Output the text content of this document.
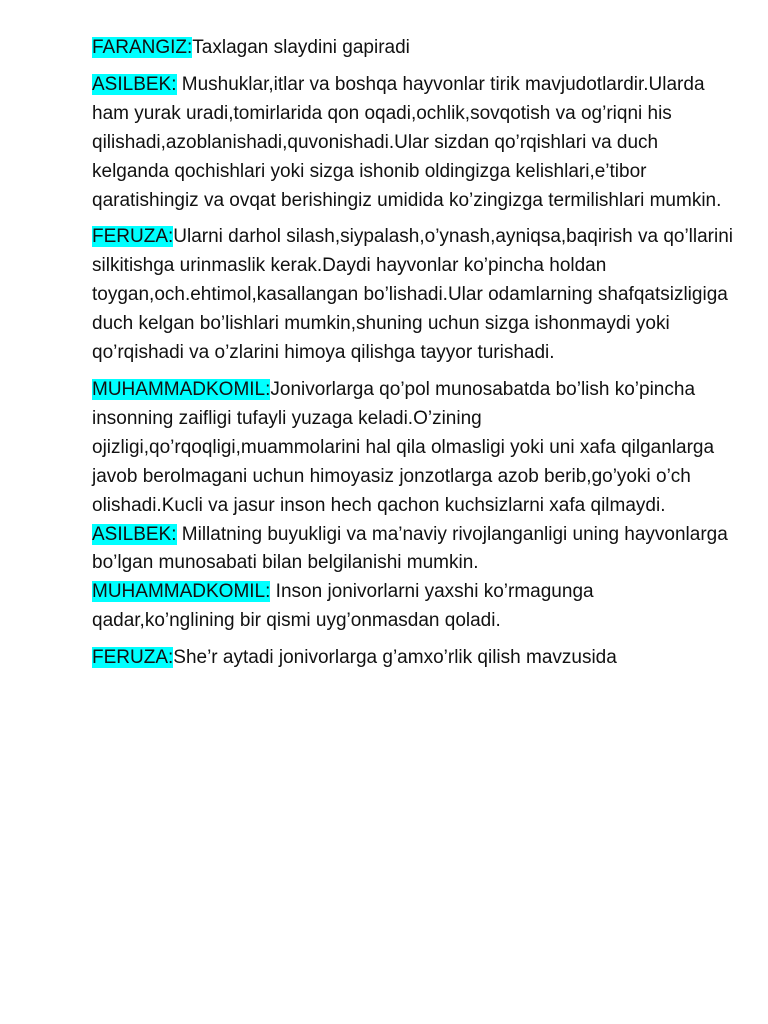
FARANGIZ:Taxlagan slaydini gapiradi

ASILBEK: Mushuklar,itlar va boshqa hayvonlar tirik mavjudotlardir.Ularda ham yurak uradi,tomirlarida qon oqadi,ochlik,sovqotish va og’riqni his qilishadi,azoblanishadi,quvonishadi.Ular sizdan qo’rqishlari va duch kelganda qochishlari yoki sizga ishonib oldingizga kelishlari,e’tibor qaratishingiz va ovqat berishingiz umidida ko’zingizga termilishlari mumkin.

FERUZA:Ularni darhol silash,siypalash,o’ynash,ayniqsa,baqirish va qo’llarini silkitishga urinmaslik kerak.Daydi hayvonlar ko’pincha holdan toygan,och.ehtimol,kasallangan bo’lishadi.Ular odamlarning shafqatsizligiga duch kelgan bo’lishlari mumkin,shuning uchun sizga ishonmaydi yoki qo’rqishadi va o’zlarini himoya qilishga tayyor turishadi.

MUHAMMADKOMIL:Jonivorlarga qo’pol munosabatda bo’lish ko’pincha insonning zaifligi tufayli yuzaga keladi.O’zining ojizligi,qo’rqoqligi,muammolarini hal qila olmasligi yoki uni xafa qilganlarga javob berolmagani uchun himoyasiz jonzotlarga azob berib,go’yoki o’ch olishadi.Kucli va jasur inson hech qachon kuchsizlarni xafa qilmaydi.

ASILBEK: Millatning buyukligi va ma’naviy rivojlanganligi uning hayvonlarga bo’lgan munosabati bilan belgilanishi mumkin.

MUHAMMADKOMIL: Inson jonivorlarni yaxshi ko’rmagunga qadar,ko’nglining bir qismi uyg’onmasdan qoladi.

FERUZA:She’r aytadi jonivorlarga g’amxo’rlik qilish mavzusida
